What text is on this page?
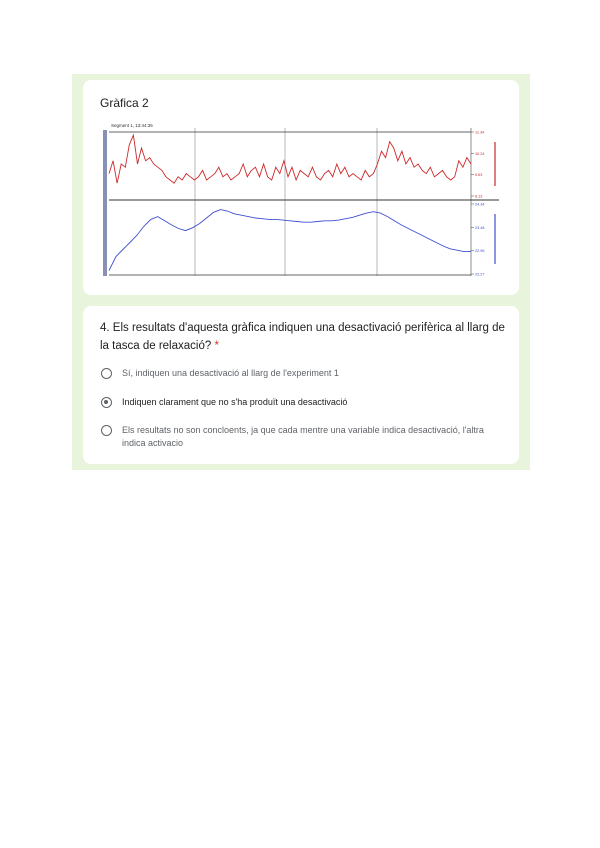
Gràfica 2
Segment 1, 13:44:35
11.34
10.24
9.63
8.13
24.34
23.48
22.96
22.27
4. Els resultats d'aquesta gràfica indiquen una desactivació perifèrica al llarg de la tasca de relaxació? *
Sí, indiquen una desactivació al llarg de l'experiment 1
Indiquen clarament que no s'ha produït una desactivació
Els resultats no son concloents, ja que cada mentre una variable indica desactivació, l'altra indica activacio
